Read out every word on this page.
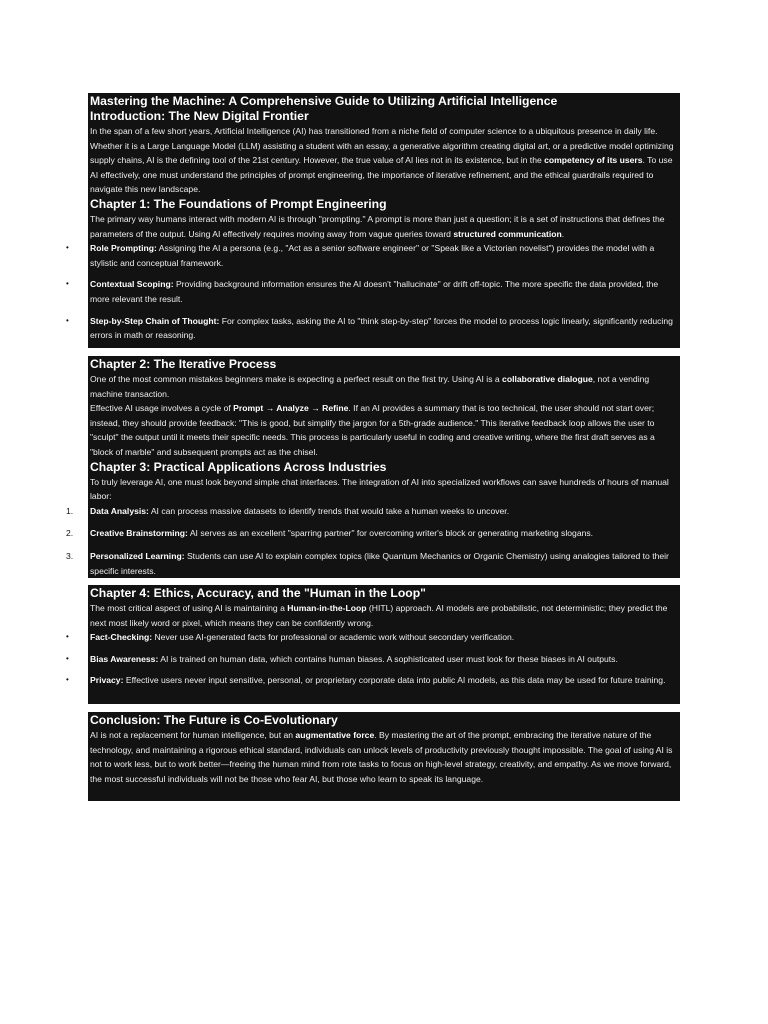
Mastering the Machine: A Comprehensive Guide to Utilizing Artificial Intelligence
Introduction: The New Digital Frontier

In the span of a few short years, Artificial Intelligence (AI) has transitioned from a niche field of computer science to a ubiquitous presence in daily life. Whether it is a Large Language Model (LLM) assisting a student with an essay, a generative algorithm creating digital art, or a predictive model optimizing supply chains, AI is the defining tool of the 21st century. However, the true value of AI lies not in its existence, but in the competency of its users. To use AI effectively, one must understand the principles of prompt engineering, the importance of iterative refinement, and the ethical guardrails required to navigate this new landscape.

Chapter 1: The Foundations of Prompt Engineering

The primary way humans interact with modern AI is through "prompting." A prompt is more than just a question; it is a set of instructions that defines the parameters of the output. Using AI effectively requires moving away from vague queries toward structured communication.

•	Role Prompting: Assigning the AI a persona (e.g., "Act as a senior software engineer" or "Speak like a Victorian novelist") provides the model with a stylistic and conceptual framework.
•	Contextual Scoping: Providing background information ensures the AI doesn't "hallucinate" or drift off-topic. The more specific the data provided, the more relevant the result.
•	Step-by-Step Chain of Thought: For complex tasks, asking the AI to "think step-by-step" forces the model to process logic linearly, significantly reducing errors in math or reasoning.
Chapter 2: The Iterative Process

One of the most common mistakes beginners make is expecting a perfect result on the first try. Using AI is a collaborative dialogue, not a vending machine transaction.

Effective AI usage involves a cycle of Prompt → Analyze → Refine. If an AI provides a summary that is too technical, the user should not start over; instead, they should provide feedback: "This is good, but simplify the jargon for a 5th-grade audience." This iterative feedback loop allows the user to "sculpt" the output until it meets their specific needs. This process is particularly useful in coding and creative writing, where the first draft serves as a "block of marble" and subsequent prompts act as the chisel.

Chapter 3: Practical Applications Across Industries

To truly leverage AI, one must look beyond simple chat interfaces. The integration of AI into specialized workflows can save hundreds of hours of manual labor:

1.	Data Analysis: AI can process massive datasets to identify trends that would take a human weeks to uncover.
2.	Creative Brainstorming: AI serves as an excellent "sparring partner" for overcoming writer's block or generating marketing slogans.
3.	Personalized Learning: Students can use AI to explain complex topics (like Quantum Mechanics or Organic Chemistry) using analogies tailored to their specific interests.
Chapter 4: Ethics, Accuracy, and the "Human in the Loop"

The most critical aspect of using AI is maintaining a Human-in-the-Loop (HITL) approach. AI models are probabilistic, not deterministic; they predict the next most likely word or pixel, which means they can be confidently wrong.

•	Fact-Checking: Never use AI-generated facts for professional or academic work without secondary verification.
•	Bias Awareness: AI is trained on human data, which contains human biases. A sophisticated user must look for these biases in AI outputs.
•	Privacy: Effective users never input sensitive, personal, or proprietary corporate data into public AI models, as this data may be used for future training.
Conclusion: The Future is Co-Evolutionary

AI is not a replacement for human intelligence, but an augmentative force. By mastering the art of the prompt, embracing the iterative nature of the technology, and maintaining a rigorous ethical standard, individuals can unlock levels of productivity previously thought impossible. The goal of using AI is not to work less, but to work better—freeing the human mind from rote tasks to focus on high-level strategy, creativity, and empathy. As we move forward, the most successful individuals will not be those who fear AI, but those who learn to speak its language.
